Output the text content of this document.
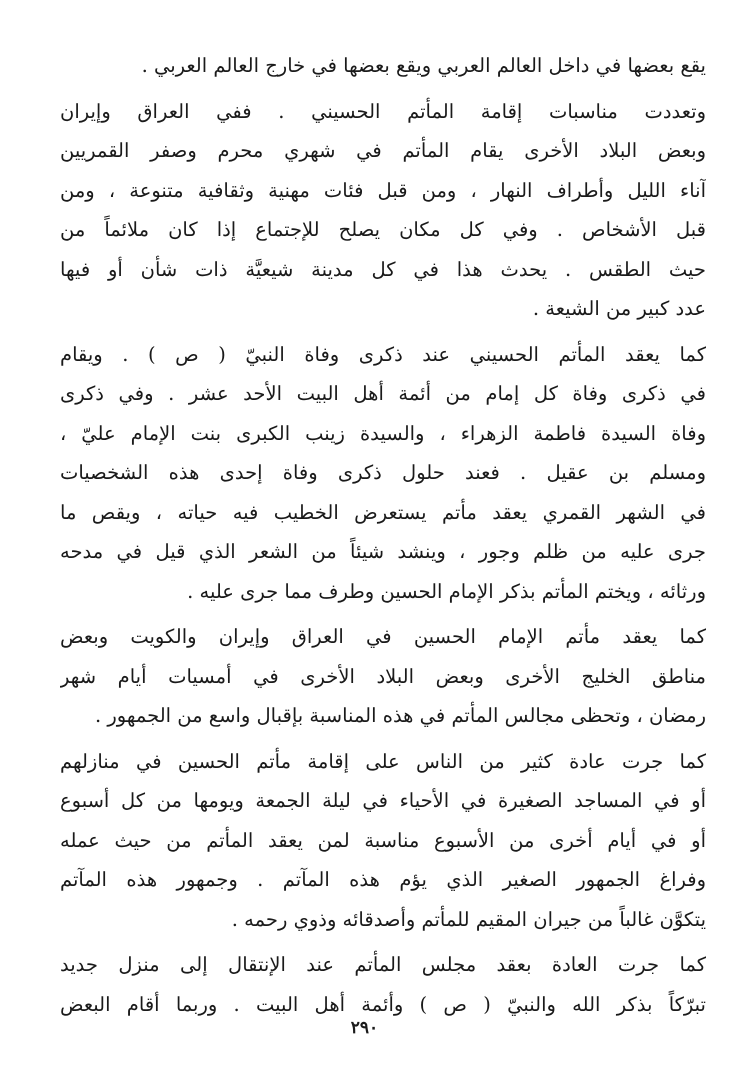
يقع بعضها في داخل العالم العربي ويقع بعضها في خارج العالم العربي .
وتعددت مناسبات إقامة المأتم الحسيني . ففي العراق وإيران
وبعض البلاد الأخرى يقام المأتم في شهري محرم وصفر القمريين
آناء الليل وأطراف النهار ، ومن قبل فئات مهنية وثقافية متنوعة ، ومن
قبل الأشخاص . وفي كل مكان يصلح للإجتماع إذا كان ملائماً من
حيث الطقس . يحدث هذا في كل مدينة شيعيَّة ذات شأن أو فيها
عدد كبير من الشيعة .
كما يعقد المأتم الحسيني عند ذكرى وفاة النبيّ ( ص ) . ويقام
في ذكرى وفاة كل إمام من أئمة أهل البيت الأحد عشر . وفي ذكرى
وفاة السيدة فاطمة الزهراء ، والسيدة زينب الكبرى بنت الإمام عليّ ،
ومسلم بن عقيل . فعند حلول ذكرى وفاة إحدى هذه الشخصيات
في الشهر القمري يعقد مأتم يستعرض الخطيب فيه حياته ، ويقص ما
جرى عليه من ظلم وجور ، وينشد شيئاً من الشعر الذي قيل في مدحه
ورثائه ، ويختم المأتم بذكر الإمام الحسين وطرف مما جرى عليه .
كما يعقد مأتم الإمام الحسين في العراق وإيران والكويت وبعض
مناطق الخليج الأخرى وبعض البلاد الأخرى في أمسيات أيام شهر
رمضان ، وتحظى مجالس المأتم في هذه المناسبة بإقبال واسع من الجمهور .
كما جرت عادة كثير من الناس على إقامة مأتم الحسين في منازلهم
أو في المساجد الصغيرة في الأحياء في ليلة الجمعة ويومها من كل أسبوع
أو في أيام أخرى من الأسبوع مناسبة لمن يعقد المأتم من حيث عمله
وفراغ الجمهور الصغير الذي يؤم هذه المآتم . وجمهور هذه المآتم
يتكوَّن غالباً من جيران المقيم للمأتم وأصدقائه وذوي رحمه .
كما جرت العادة بعقد مجلس المأتم عند الإنتقال إلى منزل جديد
تبرّكاً بذكر الله والنبيّ ( ص ) وأئمة أهل البيت . وربما أقام البعض
٢٩٠
